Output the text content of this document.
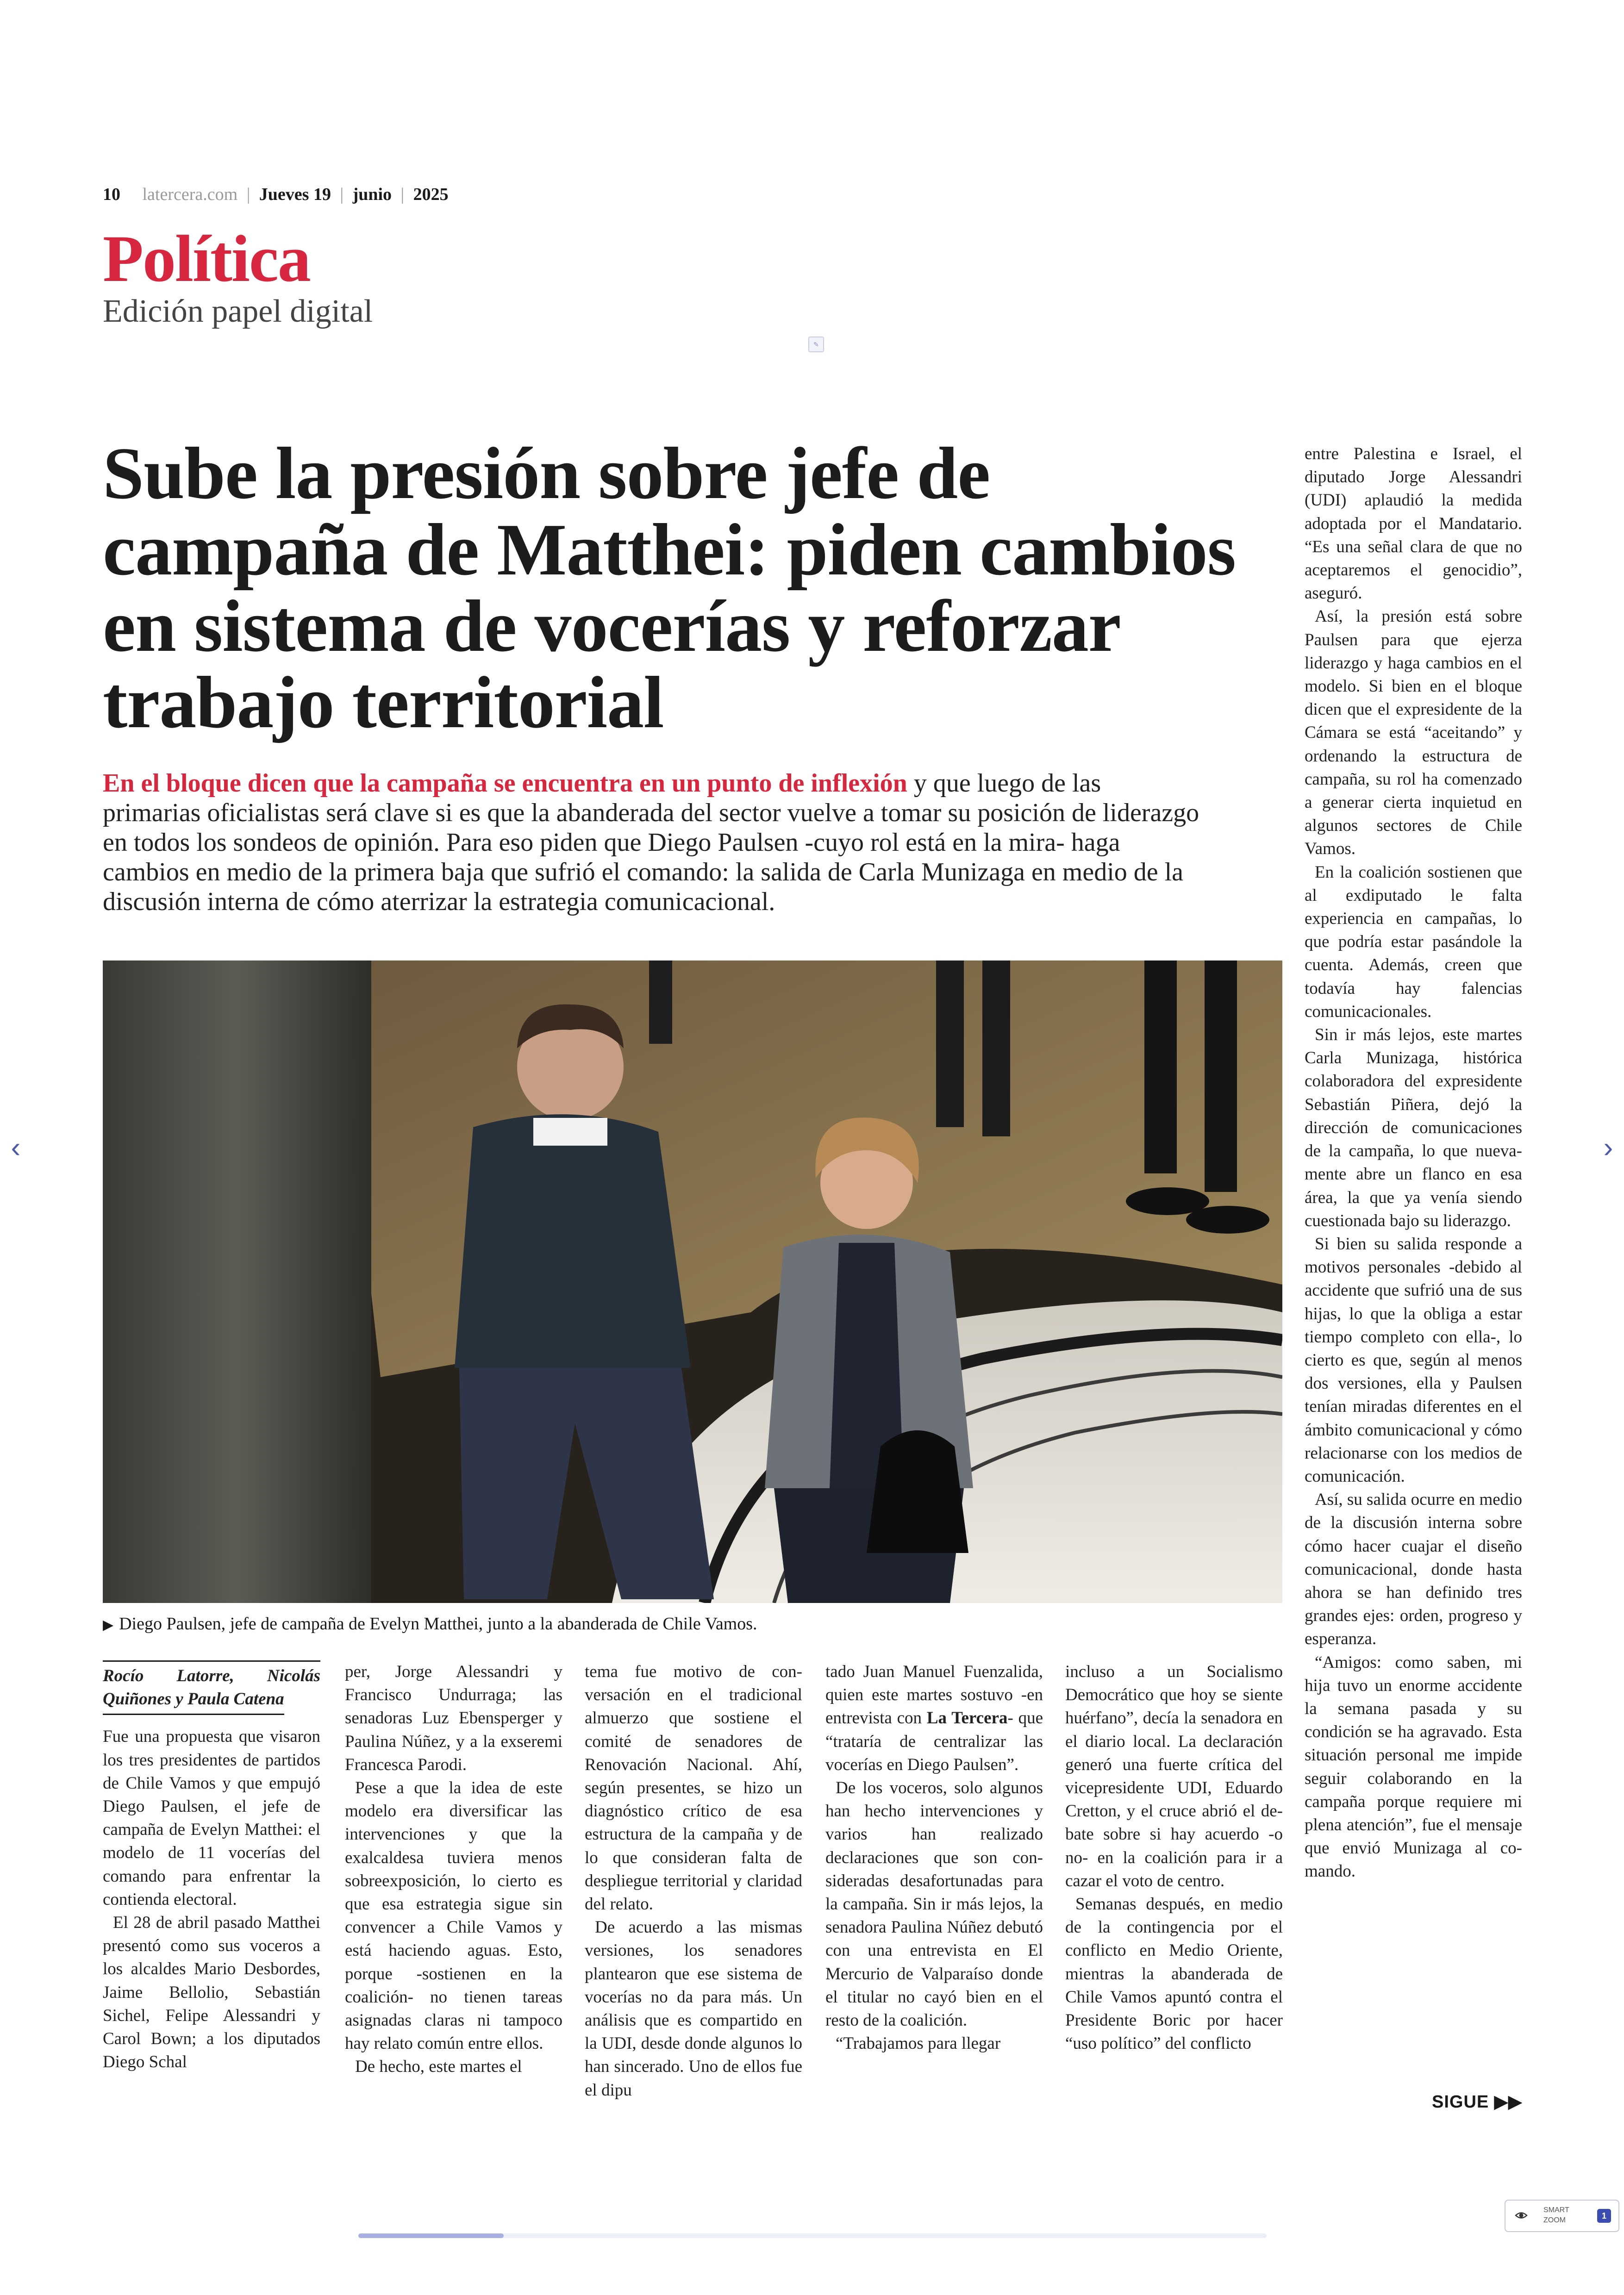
10 latercera.com | Jueves 19 | junio | 2025
Política
Edición papel digital
✎
Sube la presión sobre jefe de campaña de Matthei: piden cambios en sistema de vocerías y reforzar trabajo territorial

En el bloque dicen que la campaña se encuentra en un punto de inflexión y que luego de las primarias oficialistas será clave si es que la abanderada del sector vuelve a tomar su posición de liderazgo en todos los sondeos de opinión. Para eso piden que Diego Paulsen -cuyo rol está en la mira- haga cambios en medio de la primera baja que sufrió el comando: la salida de Carla Munizaga en medio de la discusión interna de cómo aterrizar la estrategia comunicacional.

▶ Diego Paulsen, jefe de campaña de Evelyn Matthei, junto a la abanderada de Chile Vamos.

Rocío Latorre, Nicolás

Quiñones y Paula Catena

Fue una propuesta que visaron los tres presidentes de partidos de Chile Vamos y que empujó Diego Paulsen, el jefe de campaña de Evelyn Matthei: el modelo de 11 vocerías del comando para enfrentar la contienda electoral.

El 28 de abril pasado Matthei presentó como sus voceros a los alcaldes Mario Desbordes, Jaime Bellolio, Sebastián Sichel, Felipe Alessandri y Carol Bown; a los diputados Diego Schal

per, Jorge Alessandri y Francisco Undurraga; las senadoras Luz Ebensperger y Paulina Núñez, y a la exseremi Francesca Parodi.

Pese a que la idea de este modelo era diversificar las intervenciones y que la exalcaldesa tuviera menos sobreexposición, lo cierto es que esa estrategia sigue sin convencer a Chile Vamos y está haciendo aguas. Esto, porque -sostienen en la coalición- no tienen tareas asignadas claras ni tampoco hay relato común entre ellos.

De hecho, este martes el

tema fue motivo de conversación en el tradicional almuerzo que sostiene el comité de senadores de Renovación Nacional. Ahí, según presentes, se hizo un diagnóstico crítico de esa estructura de la campaña y de lo que consideran falta de despliegue territorial y claridad del relato.

De acuerdo a las mismas versiones, los senadores plantearon que ese sistema de vocerías no da para más. Un análisis que es compartido en la UDI, desde donde algunos lo han sincerado. Uno de ellos fue el dipu

tado Juan Manuel Fuenzalida, quien este martes sostuvo -en entrevista con La Tercera- que “trataría de centralizar las vocerías en Diego Paulsen”.

De los voceros, solo algunos han hecho intervenciones y varios han realizado declaraciones que son consideradas desafortunadas para la campaña. Sin ir más lejos, la senadora Paulina Núñez debutó con una entrevista en El Mercurio de Valparaíso donde el titular no cayó bien en el resto de la coalición.

“Trabajamos para llegar

incluso a un Socialismo Democrático que hoy se siente huérfano”, decía la senadora en el diario local. La declaración generó una fuerte crítica del vicepresidente UDI, Eduardo Cretton, y el cruce abrió el debate sobre si hay acuerdo -o no- en la coalición para ir a cazar el voto de centro.

Semanas después, en medio de la contingencia por el conflicto en Medio Oriente, mientras la abanderada de Chile Vamos apuntó contra el Presidente Boric por hacer “uso político” del conflicto

entre Palestina e Israel, el diputado Jorge Alessandri (UDI) aplaudió la medida adoptada por el Mandatario. “Es una señal clara de que no aceptaremos el genocidio”, aseguró.

Así, la presión está sobre Paulsen para que ejerza liderazgo y haga cambios en el modelo. Si bien en el bloque dicen que el expresidente de la Cámara se está “aceitando” y ordenando la estructura de campaña, su rol ha comenzado a generar cierta inquietud en algunos sectores de Chile Vamos.

En la coalición sostienen que al exdiputado le falta experiencia en campañas, lo que podría estar pasándole la cuenta. Además, creen que todavía hay falencias comunicacionales.

Sin ir más lejos, este martes Carla Munizaga, histórica colaboradora del expresidente Sebastián Piñera, dejó la dirección de comunicaciones de la campaña, lo que nuevamente abre un flanco en esa área, la que ya venía siendo cuestionada bajo su liderazgo.

Si bien su salida responde a motivos personales -debido al accidente que sufrió una de sus hijas, lo que la obliga a estar tiempo completo con ella-, lo cierto es que, según al menos dos versiones, ella y Paulsen tenían miradas diferentes en el ámbito comunicacional y cómo relacionarse con los medios de comunicación.

Así, su salida ocurre en medio de la discusión interna sobre cómo hacer cuajar el diseño comunicacional, donde hasta ahora se han definido tres grandes ejes: orden, progreso y esperanza.

“Amigos: como saben, mi hija tuvo un enorme accidente la semana pasada y su condición se ha agravado. Esta situación personal me impide seguir colaborando en la campaña porque requiere mi plena atención”, fue el mensaje que envió Munizaga al comando.

SIGUE ▶▶
‹	›
SMART
ZOOM	1
